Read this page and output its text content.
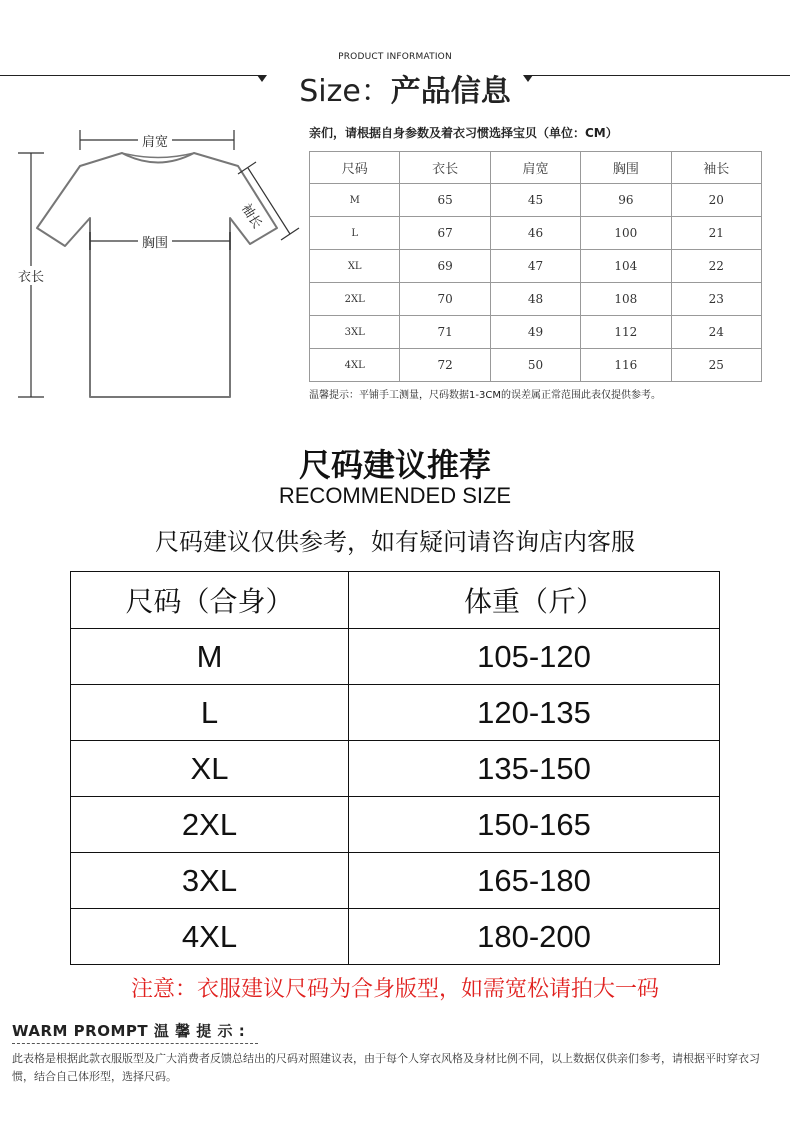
PRODUCT INFORMATION
Size：产品信息
肩宽
胸围
衣长
袖长
亲们，请根据自身参数及着衣习惯选择宝贝（单位：CM）
尺码	衣长	肩宽	胸围	袖长
M	65	45	96	20
L	67	46	100	21
XL	69	47	104	22
2XL	70	48	108	23
3XL	71	49	112	24
4XL	72	50	116	25
温馨提示：平铺手工测量，尺码数据1-3CM的误差属正常范围此表仅提供参考。
尺码建议推荐
RECOMMENDED SIZE
尺码建议仅供参考，如有疑问请咨询店内客服
尺码（合身）	体重（斤）
M	105-120
L	120-135
XL	135-150
2XL	150-165
3XL	165-180
4XL	180-200
注意：衣服建议尺码为合身版型，如需宽松请拍大一码
WARM PROMPT 温 馨 提 示 :
此表格是根据此款衣服版型及广大消费者反馈总结出的尺码对照建议表，由于每个人穿衣风格及身材比例不同，以上数据仅供亲们参考，请根据平时穿衣习惯，结合自己体形型，选择尺码。
